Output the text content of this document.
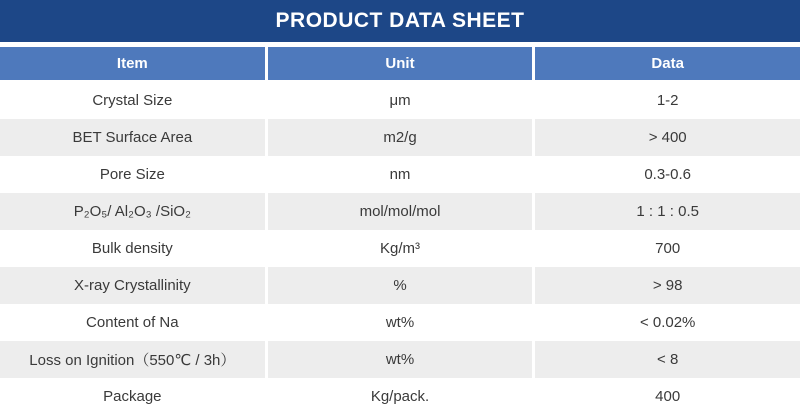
PRODUCT DATA SHEET
Item	Unit	Data
Crystal Size	μm	1-2
BET Surface Area	m2/g	> 400
Pore Size	nm	0.3-0.6
P₂O₅/ Al₂O₃ /SiO₂	mol/mol/mol	1 : 1 : 0.5
Bulk density	Kg/m³	700
X-ray Crystallinity	%	> 98
Content of Na	wt%	< 0.02%
Loss on Ignition（550℃ / 3h）	wt%	< 8
Package	Kg/pack.	400
